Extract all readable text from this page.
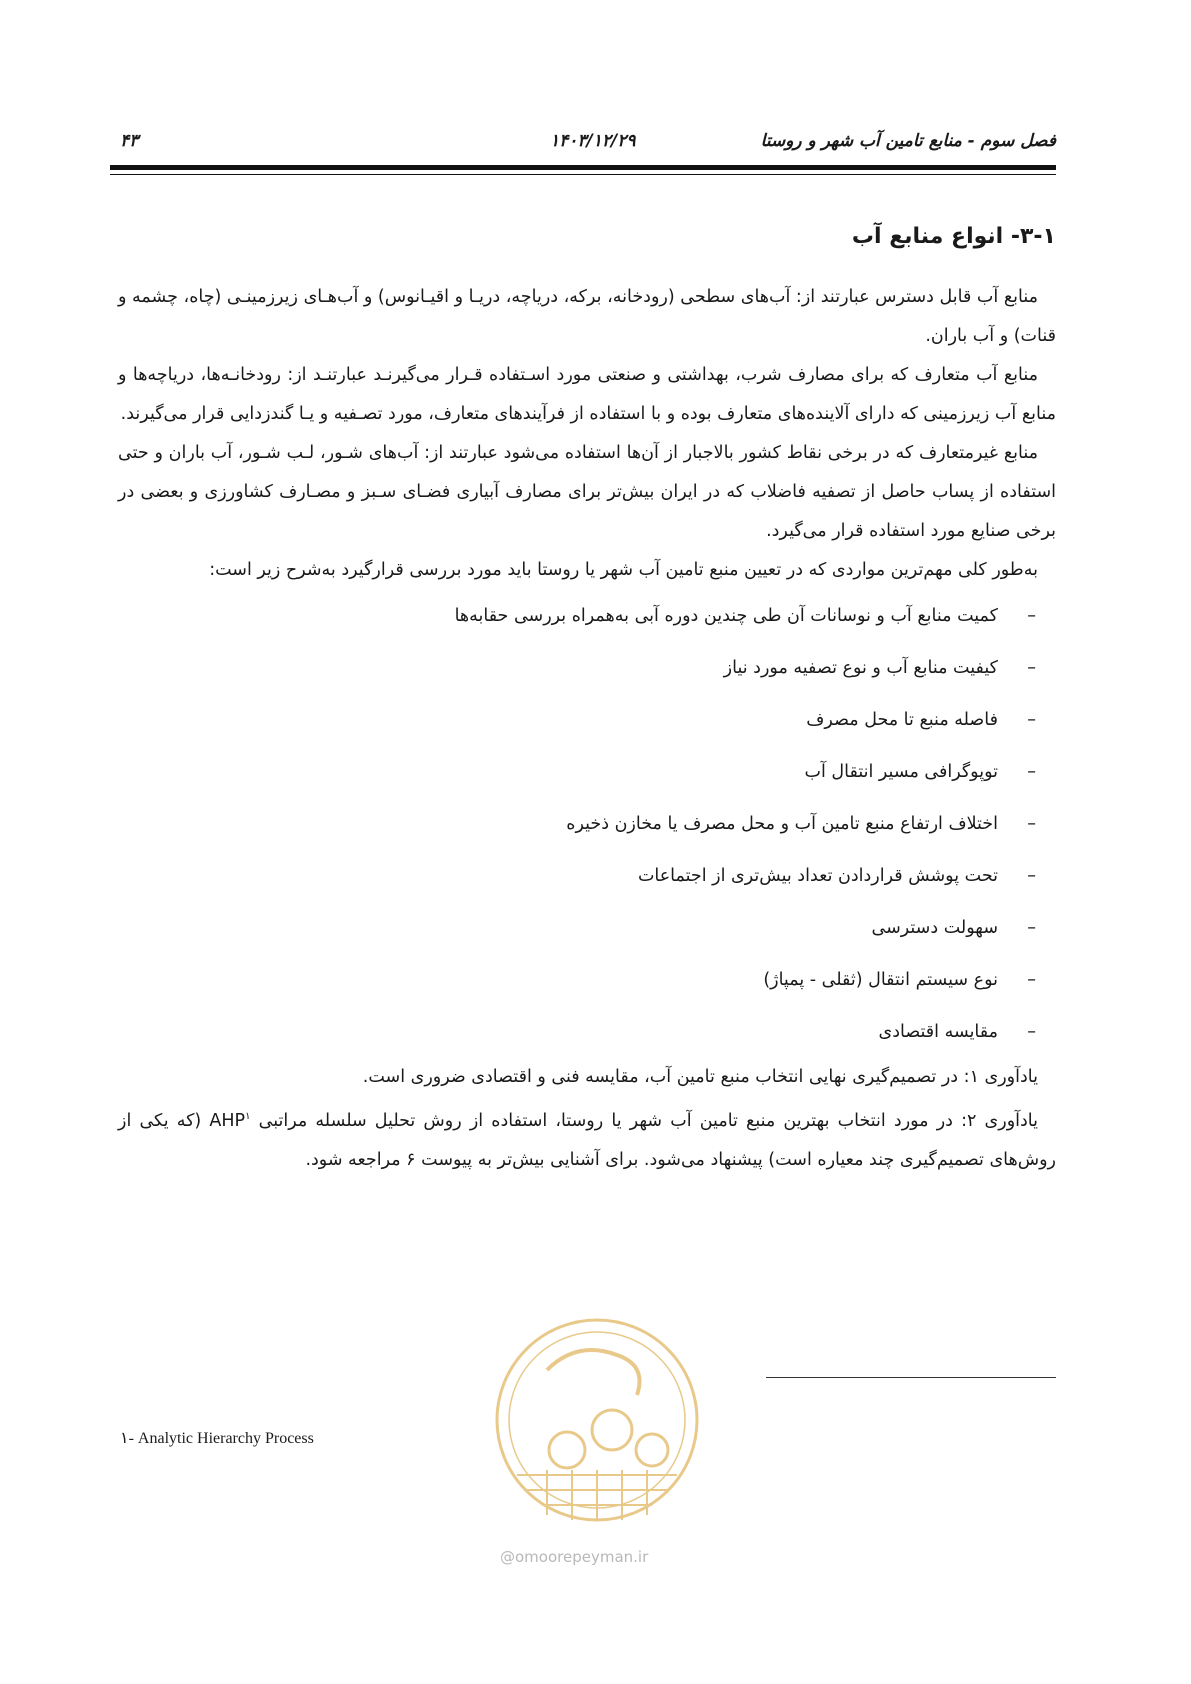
فصل سوم - منابع تامین آب شهر و روستا
۱۴۰۳/۱۲/۲۹
۴۳
۳-۱- انواع منابع آب

منابع آب قابل دسترس عبارتند از: آب‌های سطحی (رودخانه، برکه، دریاچه، دریـا و اقیـانوس) و آب‌هـای زیرزمینـی (چاه، چشمه و قنات) و آب باران.

منابع آب متعارف که برای مصارف شرب، بهداشتی و صنعتی مورد اسـتفاده قـرار می‌گیرنـد عبارتنـد از: رودخانـه‌ها، دریاچه‌ها و منابع آب زیرزمینی که دارای آلاینده‌های متعارف بوده و با استفاده از فرآیندهای متعارف، مورد تصـفیه و یـا گندزدایی قرار می‌گیرند.

منابع غیرمتعارف که در برخی نقاط کشور بالاجبار از آن‌ها استفاده می‌شود عبارتند از: آب‌های شـور، لـب شـور، آب باران و حتی استفاده از پساب حاصل از تصفیه فاضلاب که در ایران بیش‌تر برای مصارف آبیاری فضـای سـبز و مصـارف کشاورزی و بعضی در برخی صنایع مورد استفاده قرار می‌گیرد.

به‌طور کلی مهم‌ترین مواردی که در تعیین منبع تامین آب شهر یا روستا باید مورد بررسی قرارگیرد به‌شرح زیر است:

–کمیت منابع آب و نوسانات آن طی چندین دوره آبی به‌همراه بررسی حقابه‌ها
–کیفیت منابع آب و نوع تصفیه مورد نیاز
–فاصله منبع تا محل مصرف
–توپوگرافی مسیر انتقال آب
–اختلاف ارتفاع منبع تامین آب و محل مصرف یا مخازن ذخیره
–تحت پوشش قراردادن تعداد بیش‌تری از اجتماعات
–سهولت دسترسی
–نوع سیستم انتقال (ثقلی - پمپاژ)
–مقایسه اقتصادی

یادآوری ۱: در تصمیم‌گیری نهایی انتخاب منبع تامین آب، مقایسه فنی و اقتصادی ضروری است.

یادآوری ۲: در مورد انتخاب بهترین منبع تامین آب شهر یا روستا، استفاده از روش تحلیل سلسله مراتبی AHP$^۱$ (که یکی از روش‌های تصمیم‌گیری چند معیاره است) پیشنهاد می‌شود. برای آشنایی بیش‌تر به پیوست ۶ مراجعه شود.

۱- Analytic Hierarchy Process
@omoorepeyman.ir
